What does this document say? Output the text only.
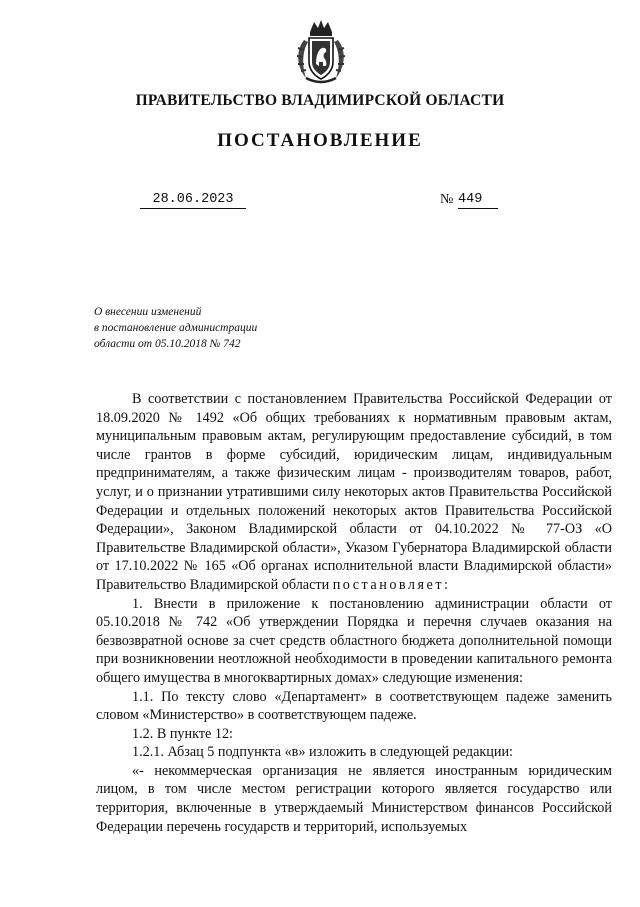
ПРАВИТЕЛЬСТВО ВЛАДИМИРСКОЙ ОБЛАСТИ
ПОСТАНОВЛЕНИЕ
28.06.2023	№ 449
О внесении изменений
в постановление администрации
области от 05.10.2018 № 742

В соответствии с постановлением Правительства Российской Федерации от 18.09.2020 № 1492 «Об общих требованиях к нормативным правовым актам, муниципальным правовым актам, регулирующим предоставление субсидий, в том числе грантов в форме субсидий, юридическим лицам, индивидуальным предпринимателям, а также физическим лицам - производителям товаров, работ, услуг, и о признании утратившими силу некоторых актов Правительства Российской Федерации и отдельных положений некоторых актов Правительства Российской Федерации», Законом Владимирской области от 04.10.2022 № 77-ОЗ «О Правительстве Владимирской области», Указом Губернатора Владимирской области от 17.10.2022 № 165 «Об органах исполнительной власти Владимирской области» Правительство Владимирской области постановляет:

1. Внести в приложение к постановлению администрации области от 05.10.2018 № 742 «Об утверждении Порядка и перечня случаев оказания на безвозвратной основе за счет средств областного бюджета дополнительной помощи при возникновении неотложной необходимости в проведении капитального ремонта общего имущества в многоквартирных домах» следующие изменения:

1.1. По тексту слово «Департамент» в соответствующем падеже заменить словом «Министерство» в соответствующем падеже.

1.2. В пункте 12:

1.2.1. Абзац 5 подпункта «в» изложить в следующей редакции:

«- некоммерческая организация не является иностранным юридическим лицом, в том числе местом регистрации которого является государство или территория, включенные в утверждаемый Министерством финансов Российской Федерации перечень государств и территорий, используемых
